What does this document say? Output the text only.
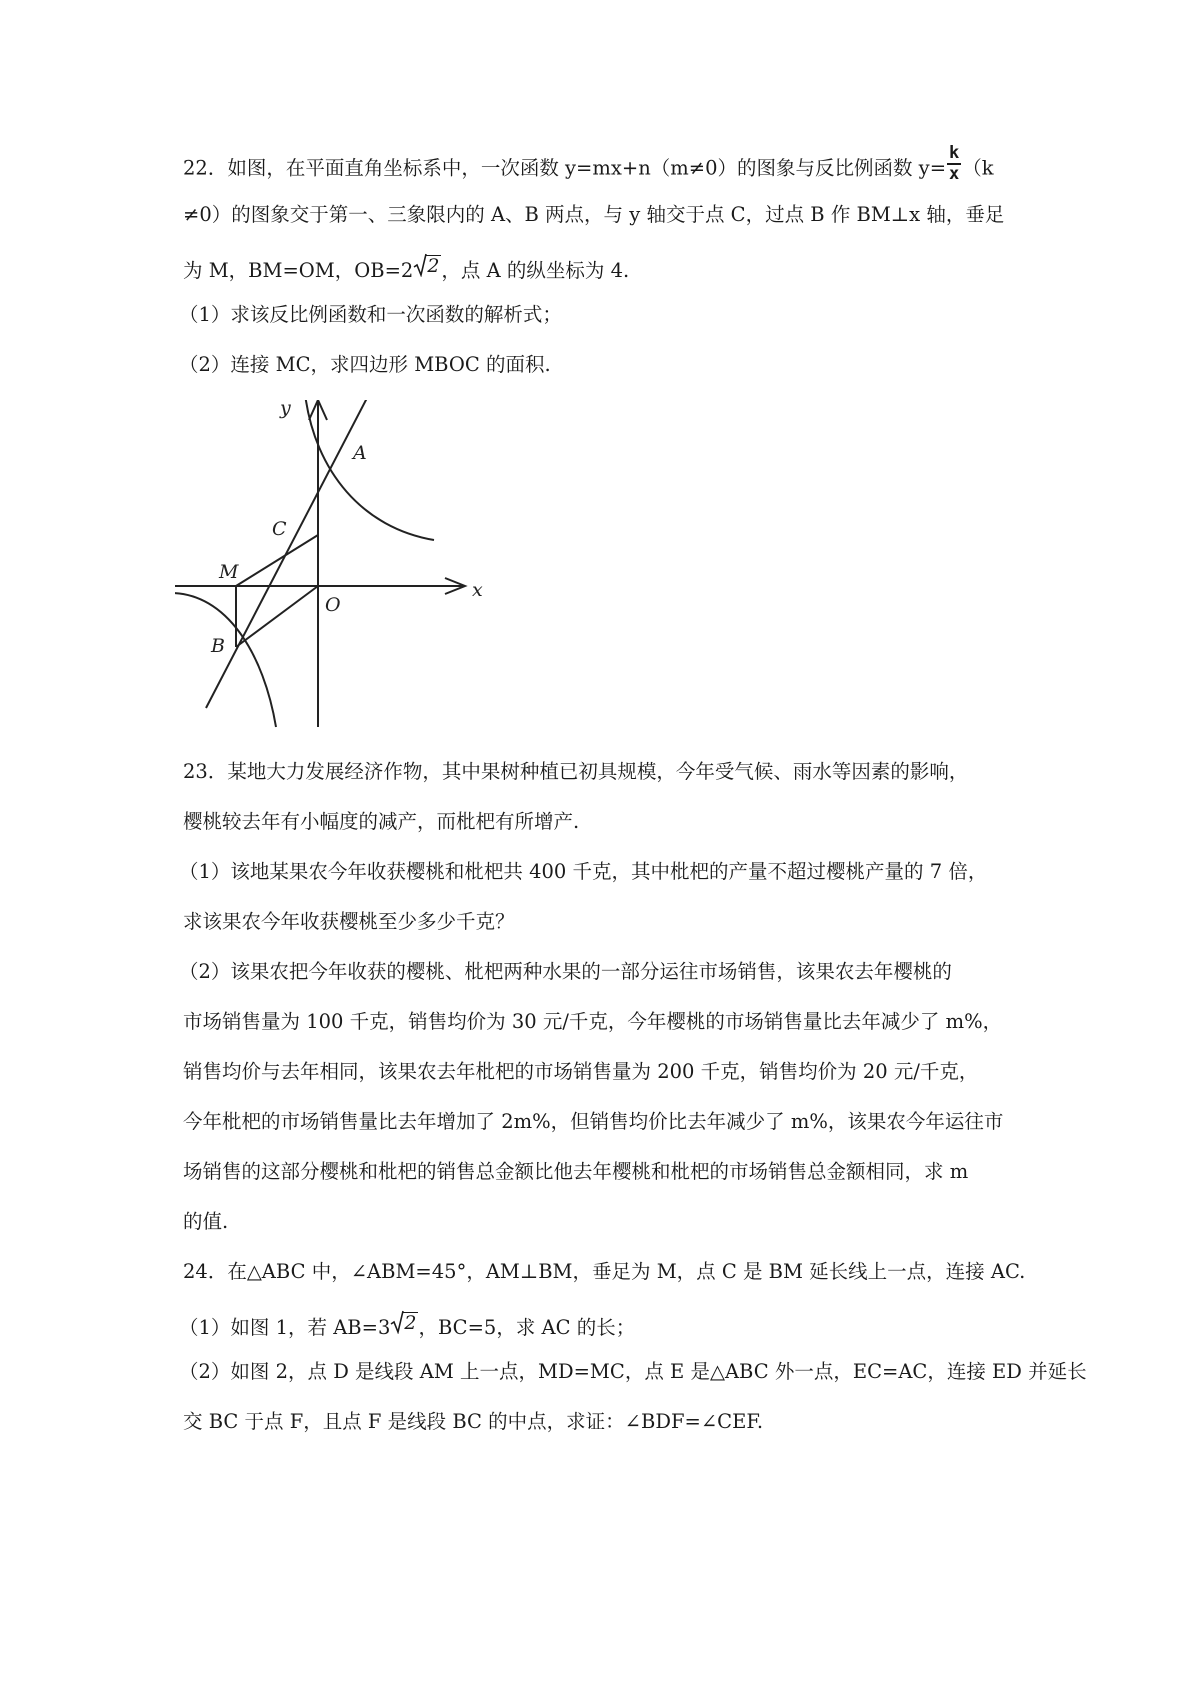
22．如图，在平面直角坐标系中，一次函数 y=mx+n（m≠0）的图象与反比例函数 $y= \frac{k}{x} (k$

≠0）的图象交于第一、三象限内的 A、B 两点，与 y 轴交于点 C，过点 B 作 BM⊥x 轴，垂足

为 M，BM=OM，OB=2 2 ，点 A 的纵坐标为 4.

（1）求该反比例函数和一次函数的解析式；

（2）连接 MC，求四边形 MBOC 的面积.

y
x
A
C
M
O
B

23．某地大力发展经济作物，其中果树种植已初具规模，今年受气候、雨水等因素的影响，

樱桃较去年有小幅度的减产，而枇杷有所增产.

（1）该地某果农今年收获樱桃和枇杷共 400 千克，其中枇杷的产量不超过樱桃产量的 7 倍，

求该果农今年收获樱桃至少多少千克？

（2）该果农把今年收获的樱桃、枇杷两种水果的一部分运往市场销售，该果农去年樱桃的

市场销售量为 100 千克，销售均价为 30 元/千克，今年樱桃的市场销售量比去年减少了 m%，

销售均价与去年相同，该果农去年枇杷的市场销售量为 200 千克，销售均价为 20 元/千克，

今年枇杷的市场销售量比去年增加了 2m%，但销售均价比去年减少了 m%，该果农今年运往市

场销售的这部分樱桃和枇杷的销售总金额比他去年樱桃和枇杷的市场销售总金额相同，求 m

的值.

24．在△ABC 中，∠ABM=45°，AM⊥BM，垂足为 M，点 C 是 BM 延长线上一点，连接 AC.

（1）如图 1，若 AB=3 2 ，BC=5，求 AC 的长；

（2）如图 2，点 D 是线段 AM 上一点，MD=MC，点 E 是△ABC 外一点，EC=AC，连接 ED 并延长

交 BC 于点 F，且点 F 是线段 BC 的中点，求证：∠BDF=∠CEF.
